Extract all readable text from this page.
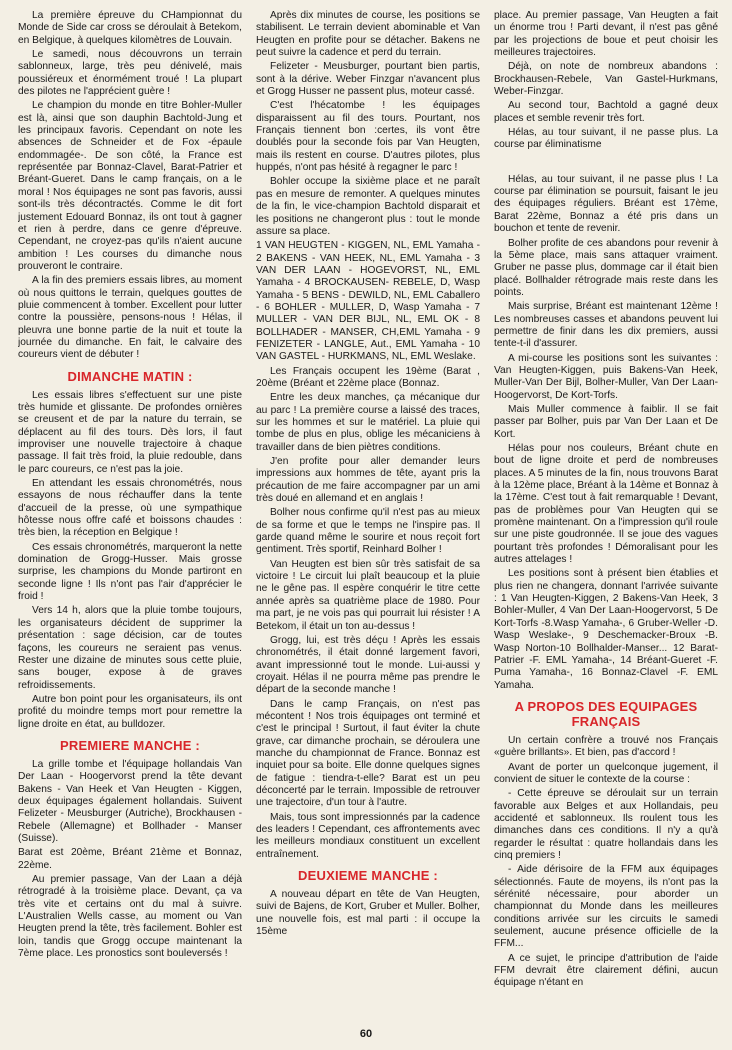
La première épreuve du CHampionnat du Monde de Side car cross se déroulait à Betekom, en Belgique, à quelques kilomètres de Louvain.

Le samedi, nous découvrons un terrain sablonneux, large, très peu dénivelé, mais poussiéreux et énormément troué ! La plupart des pilotes ne l'apprécient guère !

Le champion du monde en titre Bohler-Muller est là, ainsi que son dauphin Bachtold-Jung et les principaux favoris. Cependant on note les absences de Schneider et de Fox -épaule endommagée-. De son côté, la France est représentée par Bonnaz-Clavel, Barat-Patrier et Bréant-Gueret. Dans le camp français, on a le moral ! Nos équipages ne sont pas favoris, aussi sont-ils très décontractés. Comme le dit fort justement Edouard Bonnaz, ils ont tout à gagner et rien à perdre, dans ce genre d'épreuve. Cependant, ne croyez-pas qu'ils n'aient aucune ambition ! Les courses du dimanche nous prouveront le contraire.

A la fin des premiers essais libres, au moment où nous quittons le terrain, quelques gouttes de pluie commencent à tomber. Excellent pour lutter contre la poussière, pensons-nous ! Hélas, il pleuvra une bonne partie de la nuit et toute la journée du dimanche. En fait, le calvaire des coureurs vient de débuter !

DIMANCHE MATIN :

Les essais libres s'effectuent sur une piste très humide et glissante. De profondes ornières se creusent et de par la nature du terrain, se déplacent au fil des tours. Dès lors, il faut improviser une nouvelle trajectoire à chaque passage. Il fait très froid, la pluie redouble, dans le parc coureurs, ce n'est pas la joie.

En attendant les essais chronométrés, nous essayons de nous réchauffer dans la tente d'accueil de la presse, où une sympathique hôtesse nous offre café et boissons chaudes : très bien, la réception en Belgique !

Ces essais chronométrés, marqueront la nette domination de Grogg-Husser. Mais grosse surprise, les champions du Monde partiront en seconde ligne ! Ils n'ont pas l'air d'apprécier le froid !

Vers 14 h, alors que la pluie tombe toujours, les organisateurs décident de supprimer la présentation : sage décision, car de toutes façons, les coureurs ne seraient pas venus. Rester une dizaine de minutes sous cette pluie, sans bouger, expose à de graves refroidissements.

Autre bon point pour les organisateurs, ils ont profité du moindre temps mort pour remettre la ligne droite en état, au bulldozer.

PREMIERE MANCHE :

La grille tombe et l'équipage hollandais Van Der Laan - Hoogervorst prend la tête devant Bakens - Van Heek et Van Heugten - Kiggen, deux équipages également hollandais. Suivent Felizeter - Meusburger (Autriche), Brockhausen - Rebele (Allemagne) et Bollhader - Manser (Suisse).

Barat est 20ème, Bréant 21ème et Bonnaz, 22ème.

Au premier passage, Van der Laan a déjà rétrogradé à la troisième place. Devant, ça va très vite et certains ont du mal à suivre. L'Australien Wells casse, au moment ou Van Heugten prend la tête, très facilement. Bohler est loin, tandis que Grogg occupe maintenant la 7ème place. Les pronostics sont bouleversés !

Après dix minutes de course, les positions se stabilisent. Le terrain devient abominable et Van Heugten en profite pour se détacher. Bakens ne peut suivre la cadence et perd du terrain.

Felizeter - Meusburger, pourtant bien partis, sont à la dérive. Weber Finzgar n'avancent plus et Grogg Husser ne passent plus, moteur cassé.

C'est l'hécatombe ! les équipages disparaissent au fil des tours. Pourtant, nos Français tiennent bon :certes, ils vont être doublés pour la seconde fois par Van Heugten, mais ils restent en course. D'autres pilotes, plus huppés, n'ont pas hésité à regagner le parc !

Bohler occupe la sixième place et ne paraît pas en mesure de remonter. A quelques minutes de la fin, le vice-champion Bachtold disparait et les positions ne changeront plus : tout le monde assure sa place.

1 VAN HEUGTEN - KIGGEN, NL, EML Yamaha - 2 BAKENS - VAN HEEK, NL, EML Yamaha - 3 VAN DER LAAN - HOGEVORST, NL, EML Yamaha - 4 BROCKAUSEN- REBELE, D, Wasp Yamaha - 5 BENS - DEWILD, NL, EML Caballero - 6 BOHLER - MULLER, D, Wasp Yamaha - 7 MULLER - VAN DER BIJL, NL, EML OK - 8 BOLLHADER - MANSER, CH,EML Yamaha - 9 FENIZETER - LANGLE, Aut., EML Yamaha - 10 VAN GASTEL - HURKMANS, NL, EML Weslake.

Les Français occupent les 19ème (Barat , 20ème (Bréant et 22ème place (Bonnaz.

Entre les deux manches, ça mécanique dur au parc ! La première course a laissé des traces, sur les hommes et sur le matériel. La pluie qui tombe de plus en plus, oblige les mécaniciens à travailler dans de bien piètres conditions.

J'en profite pour aller demander leurs impressions aux hommes de tête, ayant pris la précaution de me faire accompagner par un ami très doué en allemand et en anglais !

Bolher nous confirme qu'il n'est pas au mieux de sa forme et que le temps ne l'inspire pas. Il garde quand même le sourire et nous reçoit fort gentiment. Très sportif, Reinhard Bolher !

Van Heugten est bien sûr très satisfait de sa victoire ! Le circuit lui plaît beaucoup et la pluie ne le gêne pas. Il espère conquérir le titre cette année après sa quatrième place de 1980. Pour ma part, je ne vois pas qui pourrait lui résister ! A Betekom, il était un ton au-dessus !

Grogg, lui, est très déçu ! Après les essais chronométrés, il était donné largement favori, avant impressionné tout le monde. Lui-aussi y croyait. Hélas il ne pourra même pas prendre le départ de la seconde manche !

Dans le camp Français, on n'est pas mécontent ! Nos trois équipages ont terminé et c'est le principal ! Surtout, il faut éviter la chute grave, car dimanche prochain, se déroulera une manche du championnat de France. Bonnaz est inquiet pour sa boite. Elle donne quelques signes de fatigue : tiendra-t-elle? Barat est un peu déconcerté par le terrain. Impossible de retrouver une trajectoire, d'un tour à l'autre.

Mais, tous sont impressionnés par la cadence des leaders ! Cependant, ces affrontements avec les meilleurs mondiaux constituent un excellent entraînement.

DEUXIEME MANCHE :

A nouveau départ en tête de Van Heugten, suivi de Bajens, de Kort, Gruber et Muller. Bolher, une nouvelle fois, est mal parti : il occupe la 15ème

place. Au premier passage, Van Heugten a fait un énorme trou ! Parti devant, il n'est pas gêné par les projections de boue et peut choisir les meilleures trajectoires.

Déjà, on note de nombreux abandons : Brockhausen-Rebele, Van Gastel-Hurkmans, Weber-Finzgar.

Au second tour, Bachtold a gagné deux places et semble revenir très fort.

Hélas, au tour suivant, il ne passe plus. La course par éliminatisme

Hélas, au tour suivant, il ne passe plus ! La course par élimination se poursuit, faisant le jeu des équipages réguliers. Bréant est 17ème, Barat 22ème, Bonnaz a été pris dans un bouchon et tente de revenir.

Bolher profite de ces abandons pour revenir à la 5ème place, mais sans attaquer vraiment. Gruber ne passe plus, dommage car il était bien placé. Bollhalder rétrograde mais reste dans les points.

Mais surprise, Bréant est maintenant 12ème ! Les nombreuses casses et abandons peuvent lui permettre de finir dans les dix premiers, aussi tente-t-il d'assurer.

A mi-course les positions sont les suivantes : Van Heugten-Kiggen, puis Bakens-Van Heek, Muller-Van Der Bijl, Bolher-Muller, Van Der Laan-Hoogervorst, De Kort-Torfs.

Mais Muller commence à faiblir. Il se fait passer par Bolher, puis par Van Der Laan et De Kort.

Hélas pour nos couleurs, Bréant chute en bout de ligne droite et perd de nombreuses places. A 5 minutes de la fin, nous trouvons Barat à la 12ème place, Bréant à la 14ème et Bonnaz à la 17ème. C'est tout à fait remarquable ! Devant, pas de problèmes pour Van Heugten qui se promène maintenant. On a l'impression qu'il roule sur une piste goudronnée. Il se joue des vagues pourtant très profondes ! Démoralisant pour les autres attelages !

Les positions sont à présent bien établies et plus rien ne changera, donnant l'arrivée suivante : 1 Van Heugten-Kiggen, 2 Bakens-Van Heek, 3 Bohler-Muller, 4 Van Der Laan-Hoogervorst, 5 De Kort-Torfs -8.Wasp Yamaha-, 6 Gruber-Weller -D. Wasp Weslake-, 9 Deschemacker-Broux -B. Wasp Norton-10 Bollhalder-Manser... 12 Barat-Patrier -F. EML Yamaha-, 14 Bréant-Gueret -F. Puma Yamaha-, 16 Bonnaz-Clavel -F. EML Yamaha.

A PROPOS DES EQUIPAGES FRANÇAIS

Un certain confrère a trouvé nos Français «guère brillants». Et bien, pas d'accord !

Avant de porter un quelconque jugement, il convient de situer le contexte de la course :

- Cette épreuve se déroulait sur un terrain favorable aux Belges et aux Hollandais, peu accidenté et sablonneux. Ils roulent tous les dimanches dans ces conditions. Il n'y a qu'à regarder le résultat : quatre hollandais dans les cinq premiers !

- Aide dérisoire de la FFM aux équipages sélectionnés. Faute de moyens, ils n'ont pas la sérénité nécessaire, pour aborder un championnat du Monde dans les meilleures conditions arrivée sur les circuits le samedi seulement, aucune présence officielle de la FFM...

A ce sujet, le principe d'attribution de l'aide FFM devrait être clairement défini, aucun équipage n'étant en

60
